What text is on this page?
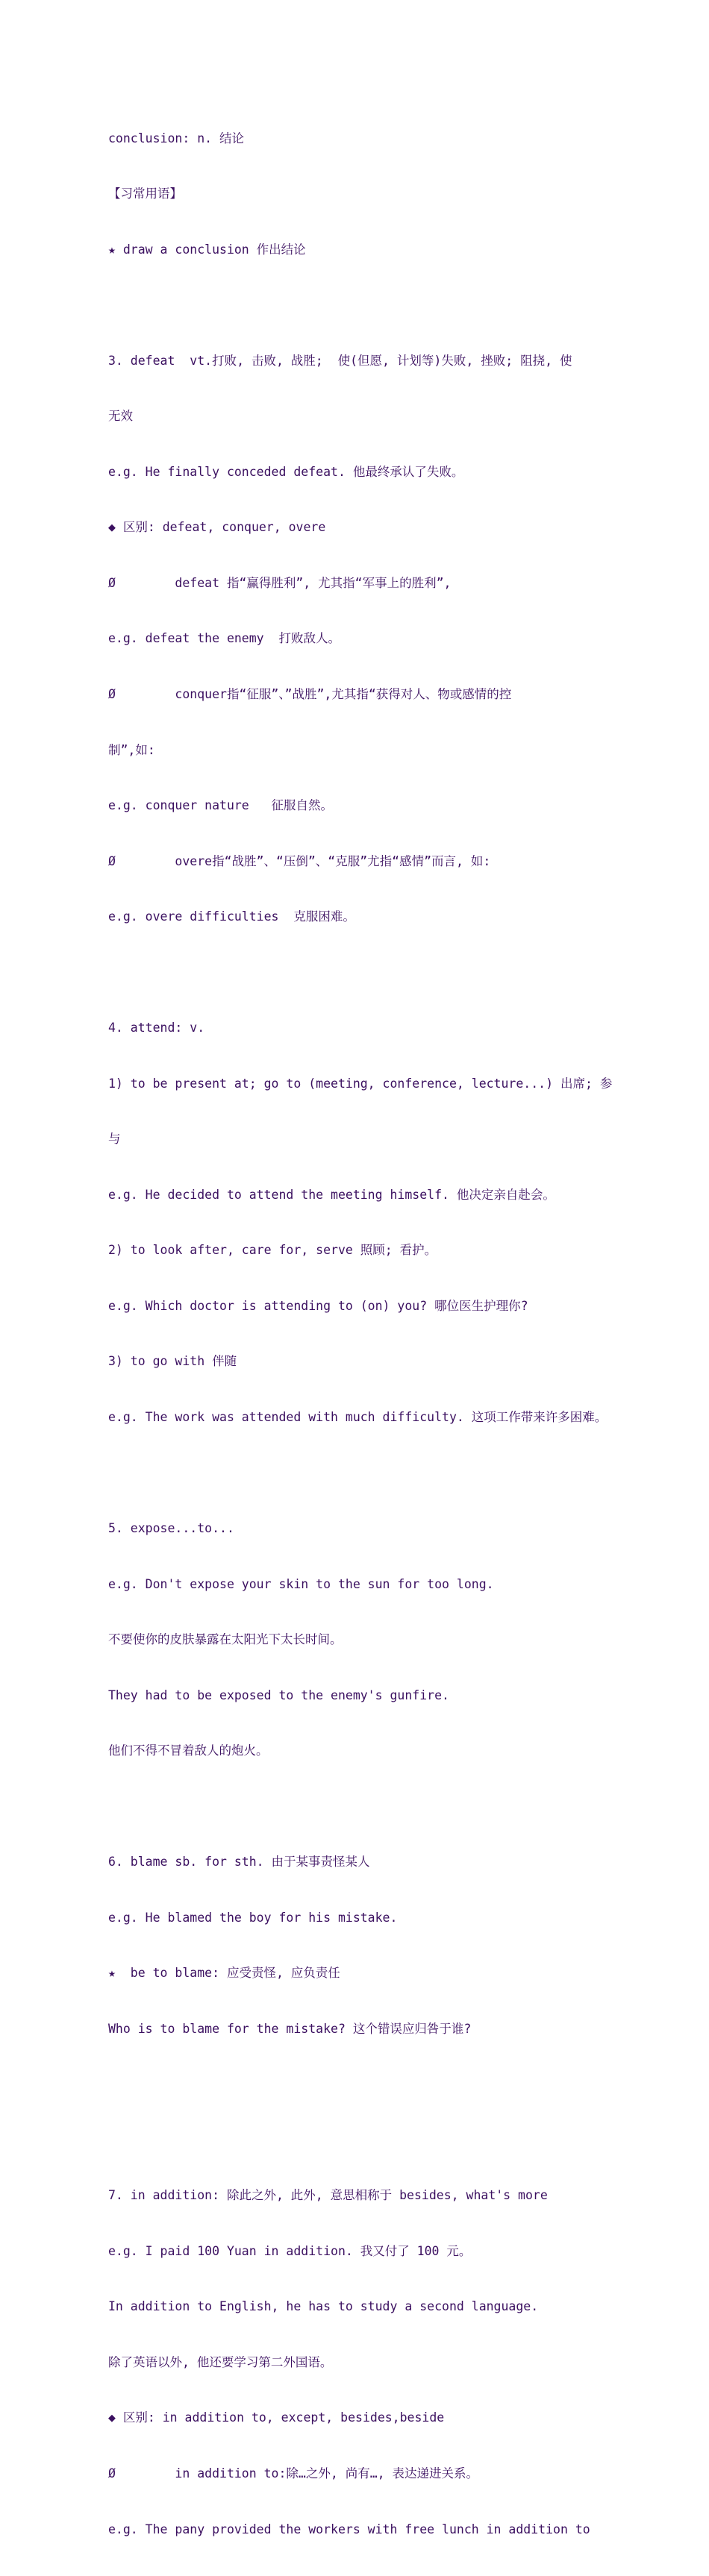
conclusion: n. 结论

【习常用语】

★ draw a conclusion 作出结论

3. defeat  vt.打败, 击败, 战胜;  使(但愿, 计划等)失败, 挫败; 阻挠, 使

无效

e.g. He finally conceded defeat. 他最终承认了失败。

◆ 区别: defeat, conquer, overe

Ø        defeat 指“赢得胜利”, 尤其指“军事上的胜利”,

e.g. defeat the enemy  打败敌人。

Ø        conquer指“征服”、”战胜”,尤其指“获得对人、物或感情的控

制”,如:

e.g. conquer nature   征服自然。

Ø        overe指“战胜”、“压倒”、“克服”尤指“感情”而言, 如:

e.g. overe difficulties  克服困难。

4. attend: v.

1) to be present at; go to (meeting, conference, lecture...) 出席; 参

与

e.g. He decided to attend the meeting himself. 他决定亲自赴会。

2) to look after, care for, serve 照顾; 看护。

e.g. Which doctor is attending to (on) you? 哪位医生护理你?

3) to go with 伴随

e.g. The work was attended with much difficulty. 这项工作带来许多困难。

5. expose...to...

e.g. Don't expose your skin to the sun for too long.

不要使你的皮肤暴露在太阳光下太长时间。

They had to be exposed to the enemy's gunfire.

他们不得不冒着敌人的炮火。

6. blame sb. for sth. 由于某事责怪某人

e.g. He blamed the boy for his mistake.

★  be to blame: 应受责怪, 应负责任

Who is to blame for the mistake? 这个错误应归咎于谁?

7. in addition: 除此之外, 此外, 意思相称于 besides, what's more

e.g. I paid 100 Yuan in addition. 我又付了 100 元。

In addition to English, he has to study a second language.

除了英语以外, 他还要学习第二外国语。

◆ 区别: in addition to, except, besides,beside

Ø        in addition to:除…之外, 尚有…, 表达递进关系。

e.g. The pany provided the workers with free lunch in addition to
